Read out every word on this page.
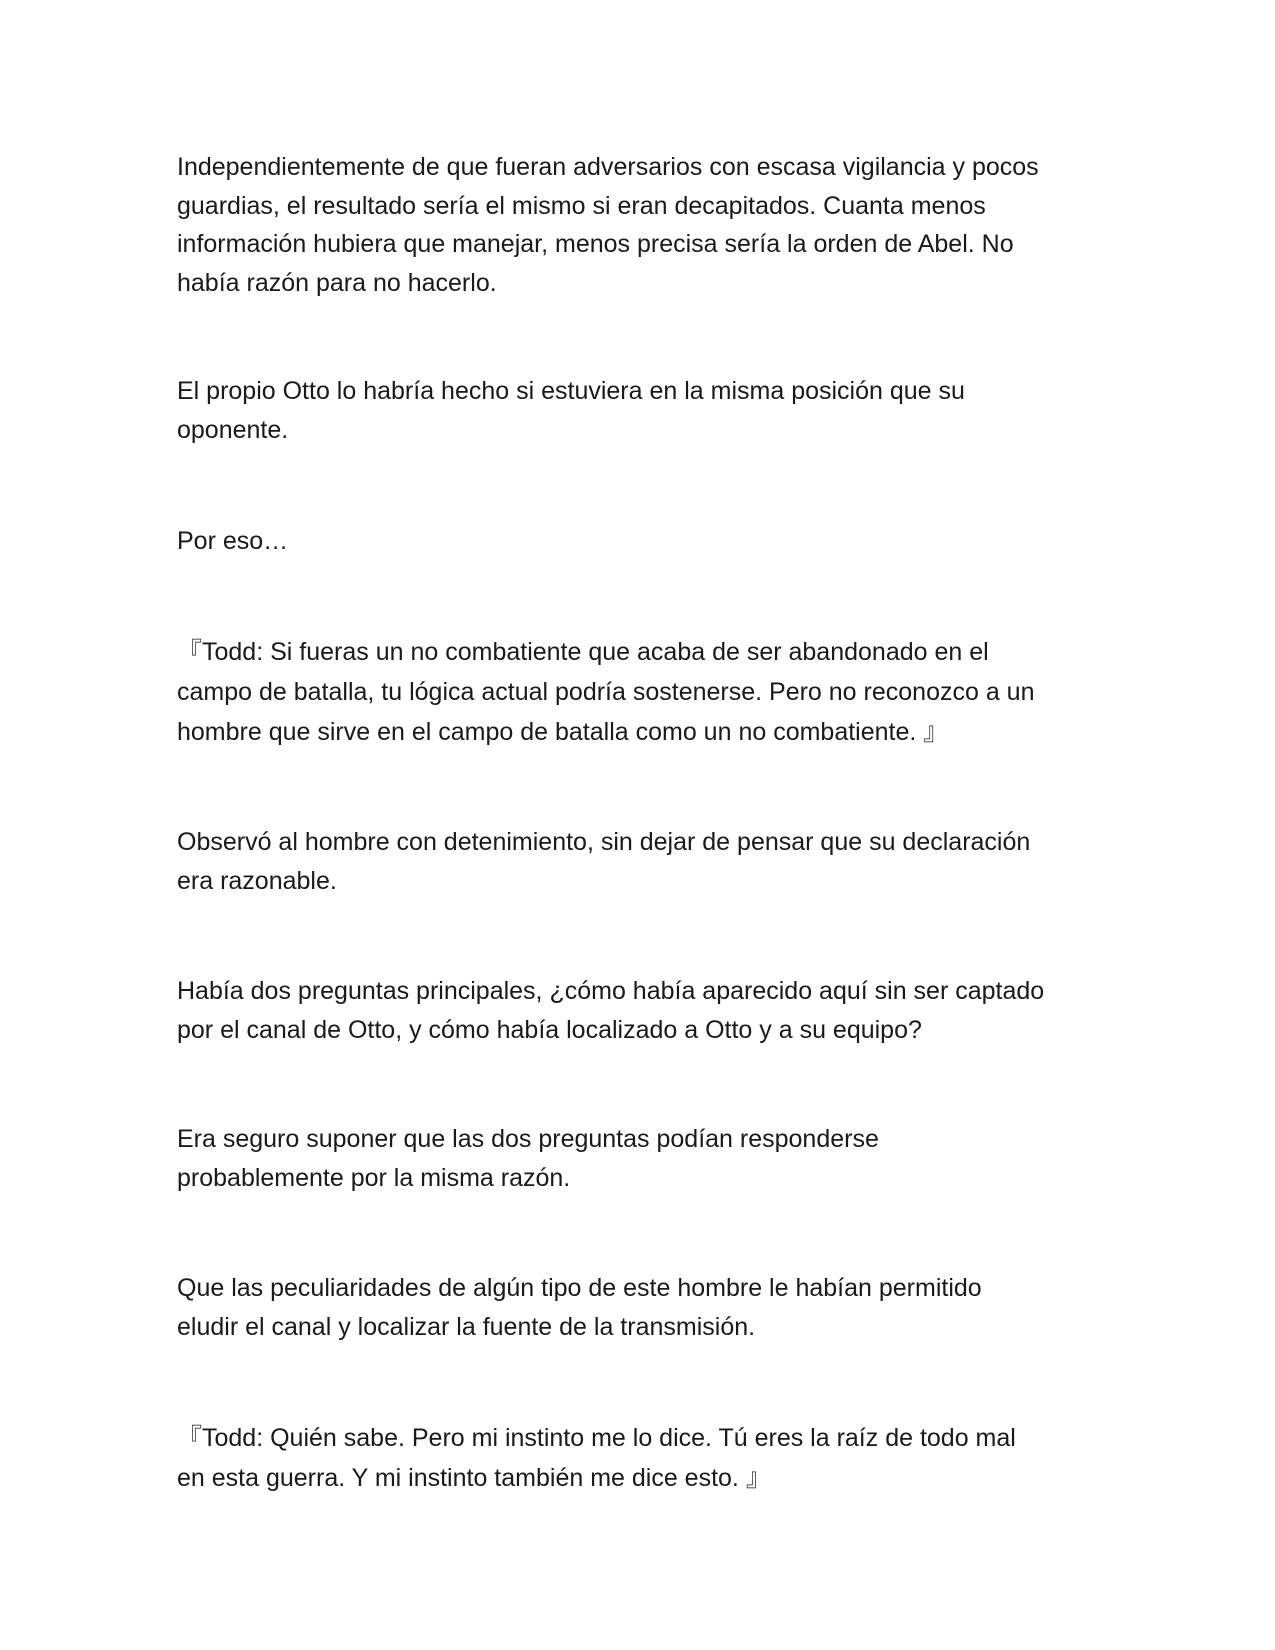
Independientemente de que fueran adversarios con escasa vigilancia y pocos
guardias, el resultado sería el mismo si eran decapitados. Cuanta menos
información hubiera que manejar, menos precisa sería la orden de Abel. No
había razón para no hacerlo.

El propio Otto lo habría hecho si estuviera en la misma posición que su
oponente.

Por eso…

『Todd: Si fueras un no combatiente que acaba de ser abandonado en el
campo de batalla, tu lógica actual podría sostenerse. Pero no reconozco a un
hombre que sirve en el campo de batalla como un no combatiente. 』

Observó al hombre con detenimiento, sin dejar de pensar que su declaración
era razonable.

Había dos preguntas principales, ¿cómo había aparecido aquí sin ser captado
por el canal de Otto, y cómo había localizado a Otto y a su equipo?

Era seguro suponer que las dos preguntas podían responderse
probablemente por la misma razón.

Que las peculiaridades de algún tipo de este hombre le habían permitido
eludir el canal y localizar la fuente de la transmisión.

『Todd: Quién sabe. Pero mi instinto me lo dice. Tú eres la raíz de todo mal
en esta guerra. Y mi instinto también me dice esto. 』
